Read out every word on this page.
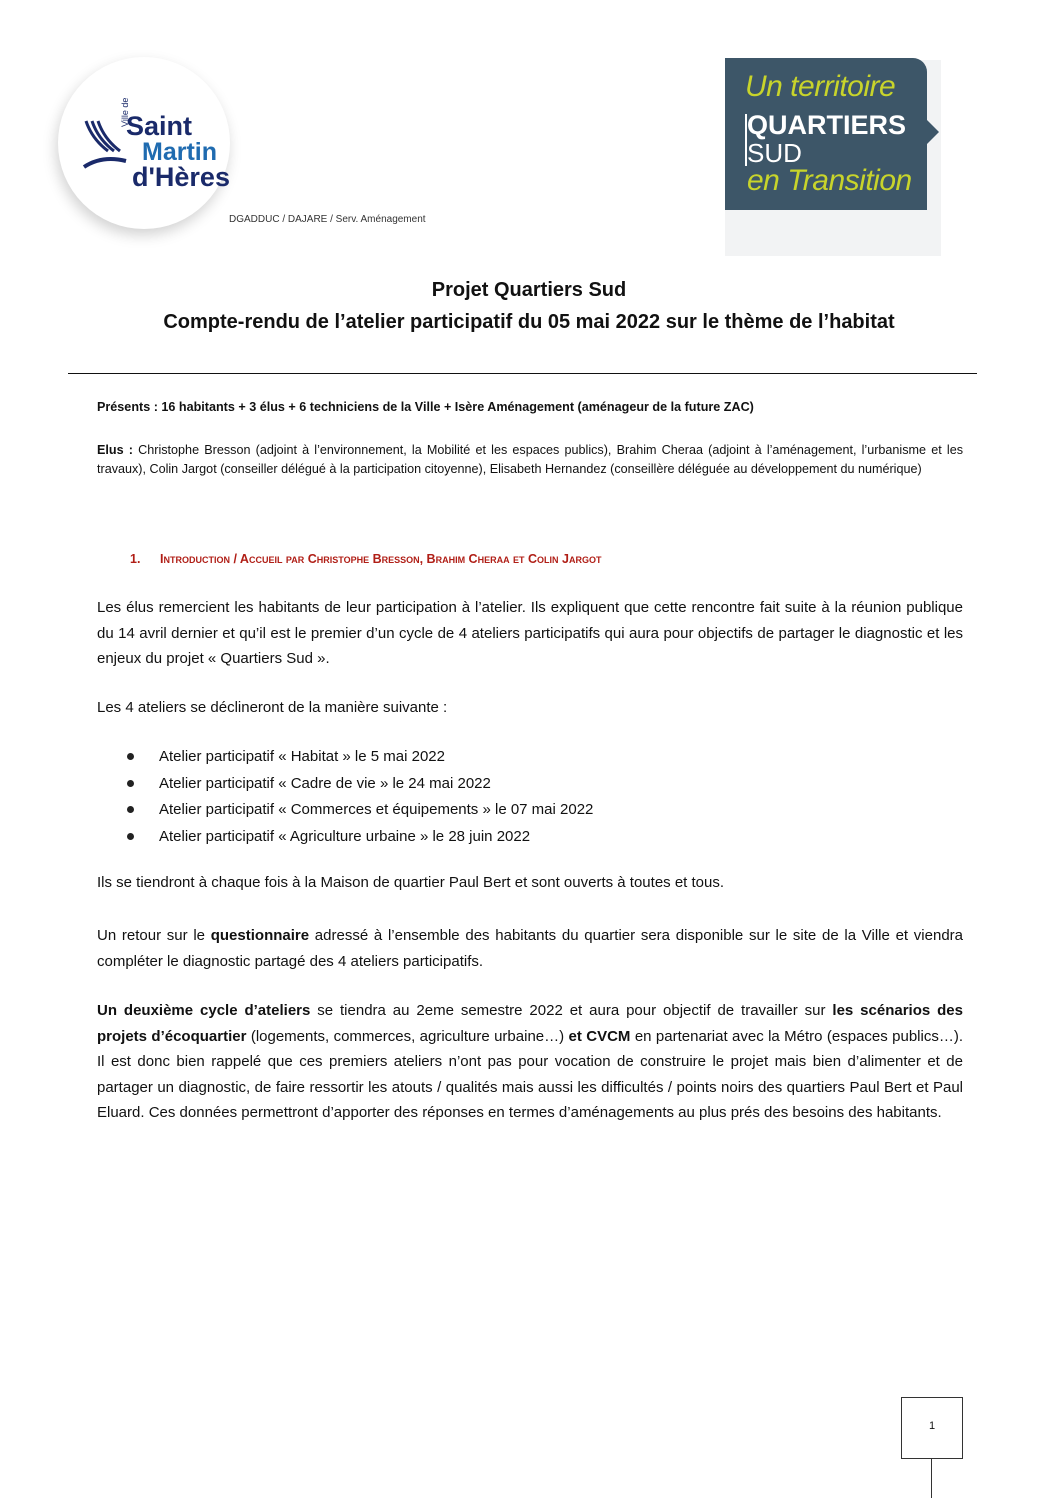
Ville de
Saint
Martin
d'Hères
DGADDUC / DAJARE / Serv. Aménagement
Un territoire
QUARTIERS
SUD
en Transition
Projet Quartiers Sud
Compte-rendu de l’atelier participatif du 05 mai 2022 sur le thème de l’habitat
Présents : 16 habitants + 3 élus + 6 techniciens de la Ville + Isère Aménagement (aménageur de la future ZAC)
Elus : Christophe Bresson (adjoint à l’environnement, la Mobilité et les espaces publics), Brahim Cheraa (adjoint à l’aménagement, l’urbanisme et les travaux), Colin Jargot (conseiller délégué à la participation citoyenne), Elisabeth Hernandez (conseillère déléguée au développement du numérique)
1. Introduction / Accueil par Christophe Bresson, Brahim Cheraa et Colin Jargot
Les élus remercient les habitants de leur participation à l’atelier. Ils expliquent que cette rencontre fait suite à la réunion publique du 14 avril dernier et qu’il est le premier d’un cycle de 4 ateliers participatifs qui aura pour objectifs de partager le diagnostic et les enjeux du projet « Quartiers Sud ».
Les 4 ateliers se déclineront de la manière suivante :
Atelier participatif « Habitat » le 5 mai 2022
Atelier participatif « Cadre de vie » le 24 mai 2022
Atelier participatif « Commerces et équipements » le 07 mai 2022
Atelier participatif « Agriculture urbaine » le 28 juin 2022
Ils se tiendront à chaque fois à la Maison de quartier Paul Bert et sont ouverts à toutes et tous.
Un retour sur le questionnaire adressé à l’ensemble des habitants du quartier sera disponible sur le site de la Ville et viendra compléter le diagnostic partagé des 4 ateliers participatifs.
Un deuxième cycle d’ateliers se tiendra au 2eme semestre 2022 et aura pour objectif de travailler sur les scénarios des projets d’écoquartier (logements, commerces, agriculture urbaine…) et CVCM en partenariat avec la Métro (espaces publics…). Il est donc bien rappelé que ces premiers ateliers n’ont pas pour vocation de construire le projet mais bien d’alimenter et de partager un diagnostic, de faire ressortir les atouts / qualités mais aussi les difficultés / points noirs des quartiers Paul Bert et Paul Eluard. Ces données permettront d’apporter des réponses en termes d’aménagements au plus prés des besoins des habitants.
1
